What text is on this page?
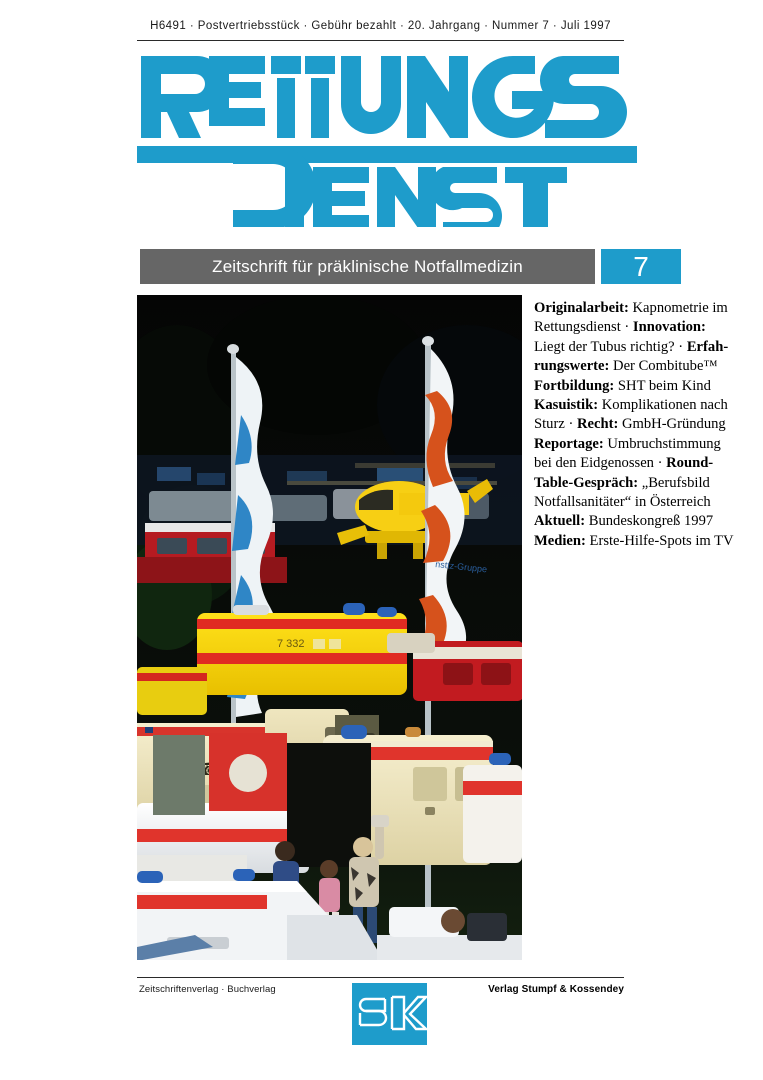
H6491 · Postvertriebsstück · Gebühr bezahlt · 20. Jahrgang · Nummer 7 · Juli 1997
Zeitschrift für präklinische Notfallmedizin	7
nsttz-Gruppe
7 332
Originalarbeit: Kapnometrie im Rettungsdienst · Innovation: Liegt der Tubus richtig? · Erfahrungswerte: Der Combitube™ Fortbildung: SHT beim Kind Kasuistik: Komplikationen nach Sturz · Recht: GmbH-Gründung Reportage: Umbruchstimmung bei den Eidgenossen · Round-Table-Gespräch: „Berufsbild Notfallsanitäter“ in Österreich Aktuell: Bundeskongreß 1997 Medien: Erste-Hilfe-Spots im TV
Zeitschriftenverlag · Buchverlag	Verlag Stumpf & Kossendey
